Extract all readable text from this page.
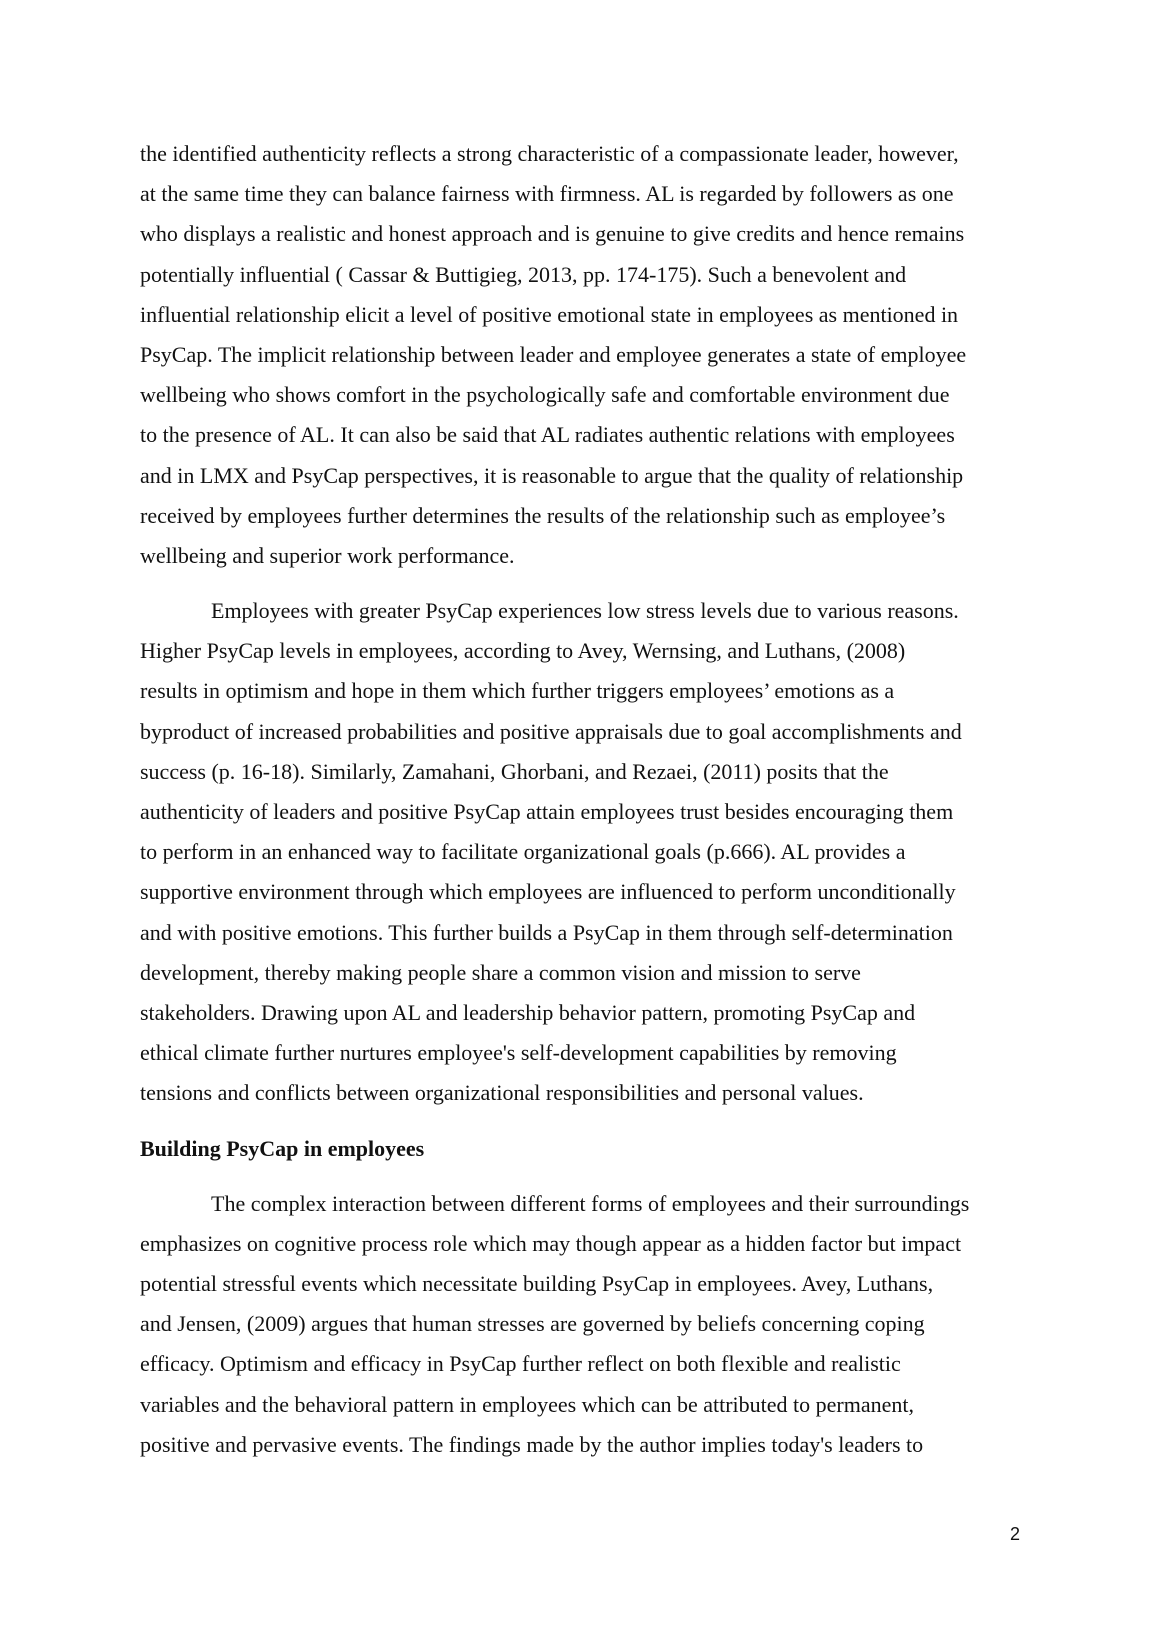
the identified authenticity reflects a strong characteristic of a compassionate leader, however,
at the same time they can balance fairness with firmness. AL is regarded by followers as one
who displays a realistic and honest approach and is genuine to give credits and hence remains
potentially influential ( Cassar & Buttigieg, 2013, pp. 174-175). Such a benevolent and
influential relationship elicit a level of positive emotional state in employees as mentioned in
PsyCap. The implicit relationship between leader and employee generates a state of employee
wellbeing who shows comfort in the psychologically safe and comfortable environment due
to the presence of AL. It can also be said that AL radiates authentic relations with employees
and in LMX and PsyCap perspectives, it is reasonable to argue that the quality of relationship
received by employees further determines the results of the relationship such as employee’s
wellbeing and superior work performance.
Employees with greater PsyCap experiences low stress levels due to various reasons.
Higher PsyCap levels in employees, according to Avey, Wernsing, and Luthans, (2008)
results in optimism and hope in them which further triggers employees’ emotions as a
byproduct of increased probabilities and positive appraisals due to goal accomplishments and
success (p. 16-18). Similarly, Zamahani, Ghorbani, and Rezaei, (2011) posits that the
authenticity of leaders and positive PsyCap attain employees trust besides encouraging them
to perform in an enhanced way to facilitate organizational goals (p.666). AL provides a
supportive environment through which employees are influenced to perform unconditionally
and with positive emotions. This further builds a PsyCap in them through self-determination
development, thereby making people share a common vision and mission to serve
stakeholders. Drawing upon AL and leadership behavior pattern, promoting PsyCap and
ethical climate further nurtures employee's self-development capabilities by removing
tensions and conflicts between organizational responsibilities and personal values.
Building PsyCap in employees
The complex interaction between different forms of employees and their surroundings
emphasizes on cognitive process role which may though appear as a hidden factor but impact
potential stressful events which necessitate building PsyCap in employees. Avey, Luthans,
and Jensen, (2009) argues that human stresses are governed by beliefs concerning coping
efficacy. Optimism and efficacy in PsyCap further reflect on both flexible and realistic
variables and the behavioral pattern in employees which can be attributed to permanent,
positive and pervasive events. The findings made by the author implies today's leaders to
2
